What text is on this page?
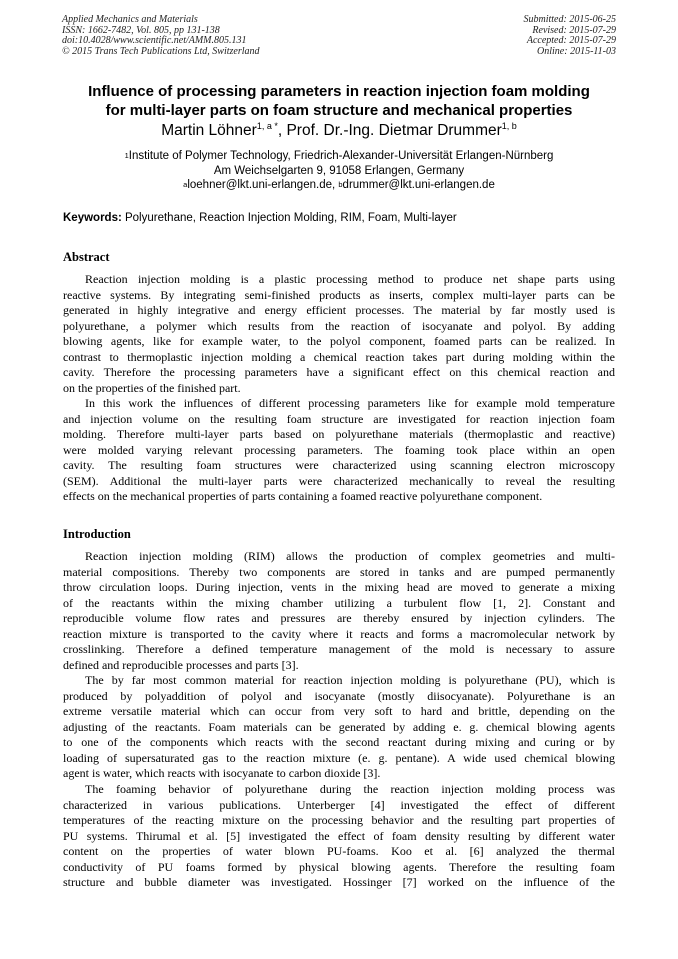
Applied Mechanics and Materials
ISSN: 1662-7482, Vol. 805, pp 131-138
doi:10.4028/www.scientific.net/AMM.805.131
© 2015 Trans Tech Publications Ltd, Switzerland
Submitted: 2015-06-25
Revised: 2015-07-29
Accepted: 2015-07-29
Online: 2015-11-03
Influence of processing parameters in reaction injection foam molding
for multi-layer parts on foam structure and mechanical properties
Martin Löhner$^{1, a *}$, Prof. Dr.-Ing. Dietmar Drummer$^{1, b}$
$^1$Institute of Polymer Technology, Friedrich-Alexander-Universität Erlangen-Nürnberg
Am Weichselgarten 9, 91058 Erlangen, Germany
$^a$loehner@lkt.uni-erlangen.de, $^b$drummer@lkt.uni-erlangen.de
Keywords: Polyurethane, Reaction Injection Molding, RIM, Foam, Multi-layer
Abstract
Reaction injection molding is a plastic processing method to produce net shape parts using
reactive systems. By integrating semi-finished products as inserts, complex multi-layer parts can be
generated in highly integrative and energy efficient processes. The material by far mostly used is
polyurethane, a polymer which results from the reaction of isocyanate and polyol. By adding
blowing agents, like for example water, to the polyol component, foamed parts can be realized. In
contrast to thermoplastic injection molding a chemical reaction takes part during molding within the
cavity. Therefore the processing parameters have a significant effect on this chemical reaction and
on the properties of the finished part.
In this work the influences of different processing parameters like for example mold temperature
and injection volume on the resulting foam structure are investigated for reaction injection foam
molding. Therefore multi-layer parts based on polyurethane materials (thermoplastic and reactive)
were molded varying relevant processing parameters. The foaming took place within an open
cavity. The resulting foam structures were characterized using scanning electron microscopy
(SEM). Additional the multi-layer parts were characterized mechanically to reveal the resulting
effects on the mechanical properties of parts containing a foamed reactive polyurethane component.
Introduction
Reaction injection molding (RIM) allows the production of complex geometries and multi-
material compositions. Thereby two components are stored in tanks and are pumped permanently
throw circulation loops. During injection, vents in the mixing head are moved to generate a mixing
of the reactants within the mixing chamber utilizing a turbulent flow [1, 2]. Constant and
reproducible volume flow rates and pressures are thereby ensured by injection cylinders. The
reaction mixture is transported to the cavity where it reacts and forms a macromolecular network by
crosslinking. Therefore a defined temperature management of the mold is necessary to assure
defined and reproducible processes and parts [3].
The by far most common material for reaction injection molding is polyurethane (PU), which is
produced by polyaddition of polyol and isocyanate (mostly diisocyanate). Polyurethane is an
extreme versatile material which can occur from very soft to hard and brittle, depending on the
adjusting of the reactants. Foam materials can be generated by adding e. g. chemical blowing agents
to one of the components which reacts with the second reactant during mixing and curing or by
loading of supersaturated gas to the reaction mixture (e. g. pentane). A wide used chemical blowing
agent is water, which reacts with isocyanate to carbon dioxide [3].
The foaming behavior of polyurethane during the reaction injection molding process was
characterized in various publications. Unterberger [4] investigated the effect of different
temperatures of the reacting mixture on the processing behavior and the resulting part properties of
PU systems. Thirumal et al. [5] investigated the effect of foam density resulting by different water
content on the properties of water blown PU-foams. Koo et al. [6] analyzed the thermal
conductivity of PU foams formed by physical blowing agents. Therefore the resulting foam
structure and bubble diameter was investigated. Hossinger [7] worked on the influence of the
